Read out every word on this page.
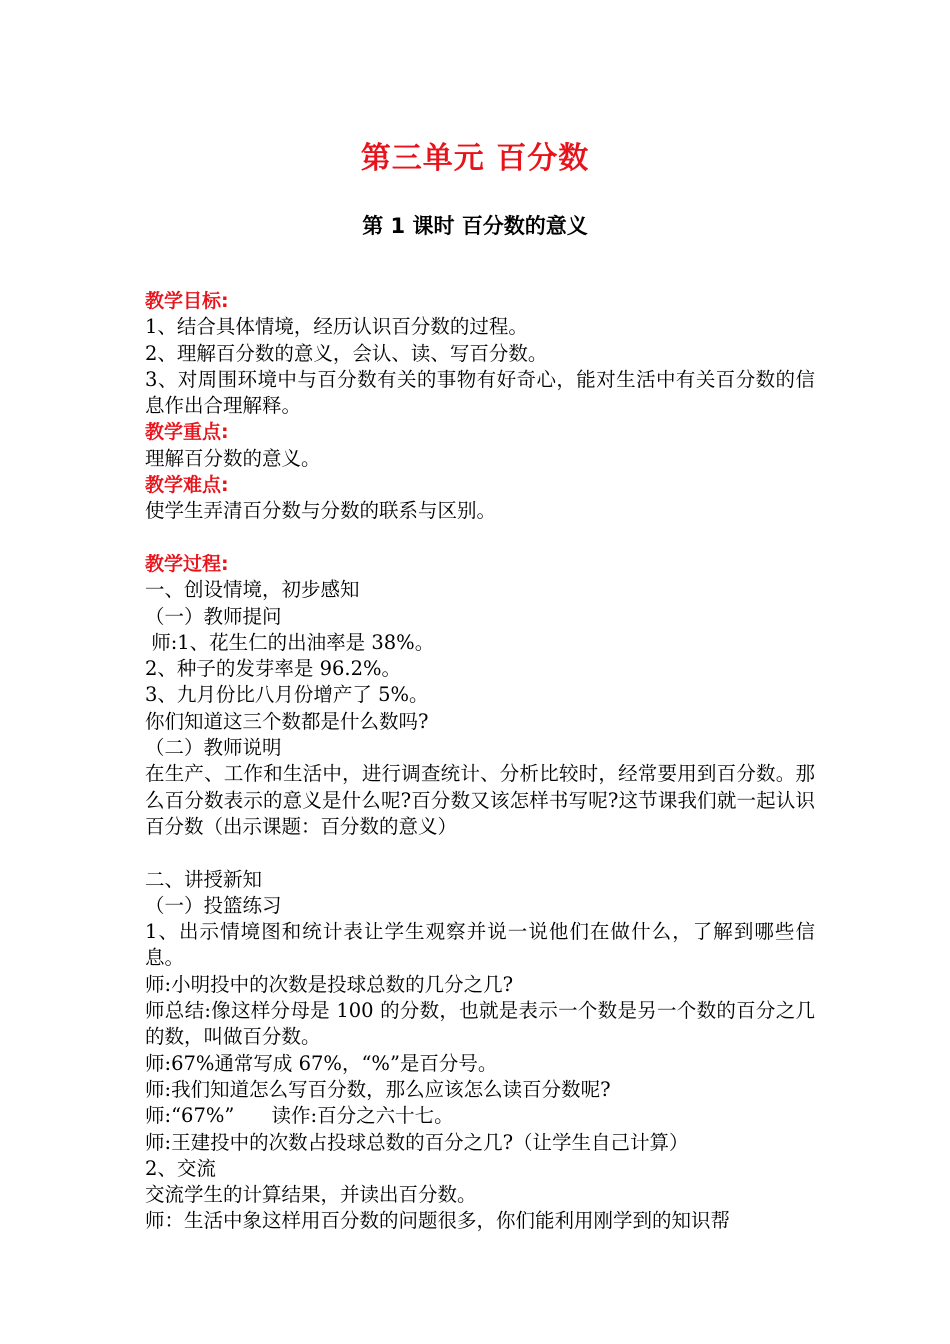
第三单元 百分数
第 1 课时 百分数的意义
教学目标:
1、结合具体情境，经历认识百分数的过程。
2、理解百分数的意义，会认、读、写百分数。
3、对周围环境中与百分数有关的事物有好奇心，能对生活中有关百分数的信息作出合理解释。
教学重点:
理解百分数的意义。
教学难点:
使学生弄清百分数与分数的联系与区别。
教学过程:
一、创设情境，初步感知
（一）教师提问
师:1、花生仁的出油率是 38%。
2、种子的发芽率是 96.2%。
3、九月份比八月份增产了 5%。
你们知道这三个数都是什么数吗?
（二）教师说明
在生产、工作和生活中，进行调查统计、分析比较时，经常要用到百分数。那么百分数表示的意义是什么呢?百分数又该怎样书写呢?这节课我们就一起认识百分数（出示课题：百分数的意义）
二、讲授新知
（一）投篮练习
1、出示情境图和统计表让学生观察并说一说他们在做什么，了解到哪些信息。
师:小明投中的次数是投球总数的几分之几?
师总结:像这样分母是 100 的分数，也就是表示一个数是另一个数的百分之几的数，叫做百分数。
师:67%通常写成 67%，“%”是百分号。
师:我们知道怎么写百分数，那么应该怎么读百分数呢?
师:“67%”      读作:百分之六十七。
师:王建投中的次数占投球总数的百分之几?（让学生自己计算）
2、交流
交流学生的计算结果，并读出百分数。
师：生活中象这样用百分数的问题很多，你们能利用刚学到的知识帮
